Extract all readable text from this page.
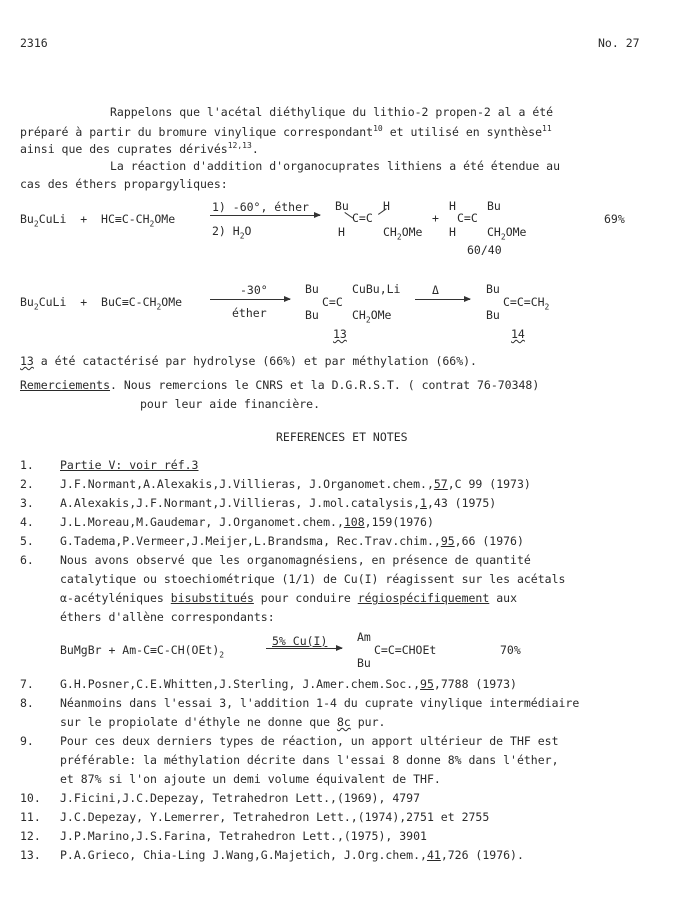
2316	No. 27
Rappelons que l'acétal diéthylique du lithio-2 propen-2 al a été
préparé à partir du bromure vinylique correspondant$^{10}$ et utilisé en synthèse$^{11}$
ainsi que des cuprates dérivés$^{12,13}$.
La réaction d'addition d'organocuprates lithiens a été étendue au
cas des éthers propargyliques:
$Bu_2CuLi + HC\equiv C-CH_2OMe$
1) -60°, éther
2) $H_2O$
Bu	H
C=C
H	$CH_2OMe$
+
H	Bu
C=C
H	$CH_2OMe$
60/40
69%
$Bu_2CuLi + BuC\equiv C-CH_2OMe$
-30°
éther
Bu	CuBu,Li
C=C
Bu	$CH_2OMe$
13
Δ	Bu
$C=C=CH_2$
Bu
14
13 a été catactérisé par hydrolyse (66%) et par méthylation (66%).
Remerciements. Nous remercions le CNRS et la D.G.R.S.T. ( contrat 76-70348)
pour leur aide financière.
REFERENCES ET NOTES
1. Partie V: voir réf.3
2. J.F.Normant,A.Alexakis,J.Villieras, J.Organomet.chem.,57,C 99 (1973)
3. A.Alexakis,J.F.Normant,J.Villieras, J.mol.catalysis,1,43 (1975)
4. J.L.Moreau,M.Gaudemar, J.Organomet.chem.,108,159(1976)
5. G.Tadema,P.Vermeer,J.Meijer,L.Brandsma, Rec.Trav.chim.,95,66 (1976)
6. Nous avons observé que les organomagnésiens, en présence de quantité
catalytique ou stoechiométrique (1/1) de Cu(I) réagissent sur les acétals
α-acétyléniques bisubstitués pour conduire régiospécifiquement aux
éthers d'allène correspondants:
BuMgBr + $Am-C\equiv C-CH(OEt)_2$
5% Cu(I)	Am
C=C=CHOEt
Bu
70%
7. G.H.Posner,C.E.Whitten,J.Sterling, J.Amer.chem.Soc.,95,7788 (1973)
8. Néanmoins dans l'essai 3, l'addition 1-4 du cuprate vinylique intermédiaire
sur le propiolate d'éthyle ne donne que 8c pur.
9. Pour ces deux derniers types de réaction, un apport ultérieur de THF est
préférable: la méthylation décrite dans l'essai 8 donne 8% dans l'éther,
et 87% si l'on ajoute un demi volume équivalent de THF.
10. J.Ficini,J.C.Depezay, Tetrahedron Lett.,(1969), 4797
11. J.C.Depezay, Y.Lemerrer, Tetrahedron Lett.,(1974),2751 et 2755
12. J.P.Marino,J.S.Farina, Tetrahedron Lett.,(1975), 3901
13. P.A.Grieco, Chia-Ling J.Wang,G.Majetich, J.Org.chem.,41,726 (1976).
